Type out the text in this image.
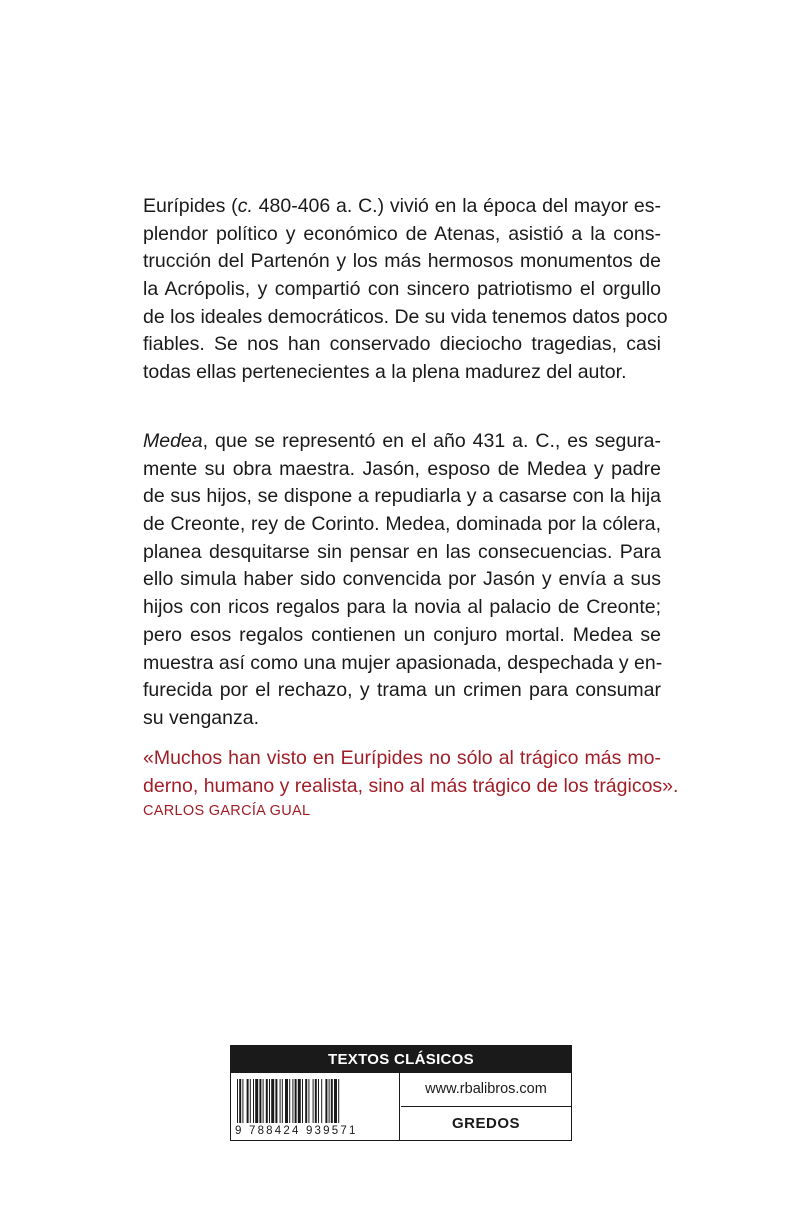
Eurípides (c. 480-406 a. C.) vivió en la época del mayor es-
plendor político y económico de Atenas, asistió a la cons-
trucción del Partenón y los más hermosos monumentos de
la Acrópolis, y compartió con sincero patriotismo el orgullo
de los ideales democráticos. De su vida tenemos datos poco
fiables. Se nos han conservado dieciocho tragedias, casi
todas ellas pertenecientes a la plena madurez del autor.
Medea, que se representó en el año 431 a. C., es segura-
mente su obra maestra. Jasón, esposo de Medea y padre
de sus hijos, se dispone a repudiarla y a casarse con la hija
de Creonte, rey de Corinto. Medea, dominada por la cólera,
planea desquitarse sin pensar en las consecuencias. Para
ello simula haber sido convencida por Jasón y envía a sus
hijos con ricos regalos para la novia al palacio de Creonte;
pero esos regalos contienen un conjuro mortal. Medea se
muestra así como una mujer apasionada, despechada y en-
furecida por el rechazo, y trama un crimen para consumar
su venganza.
«Muchos han visto en Eurípides no sólo al trágico más mo-
derno, humano y realista, sino al más trágico de los trágicos».
CARLOS GARCÍA GUAL
TEXTOS CLÁSICOS
9 788424 939571
www.rbalibros.com
GREDOS
